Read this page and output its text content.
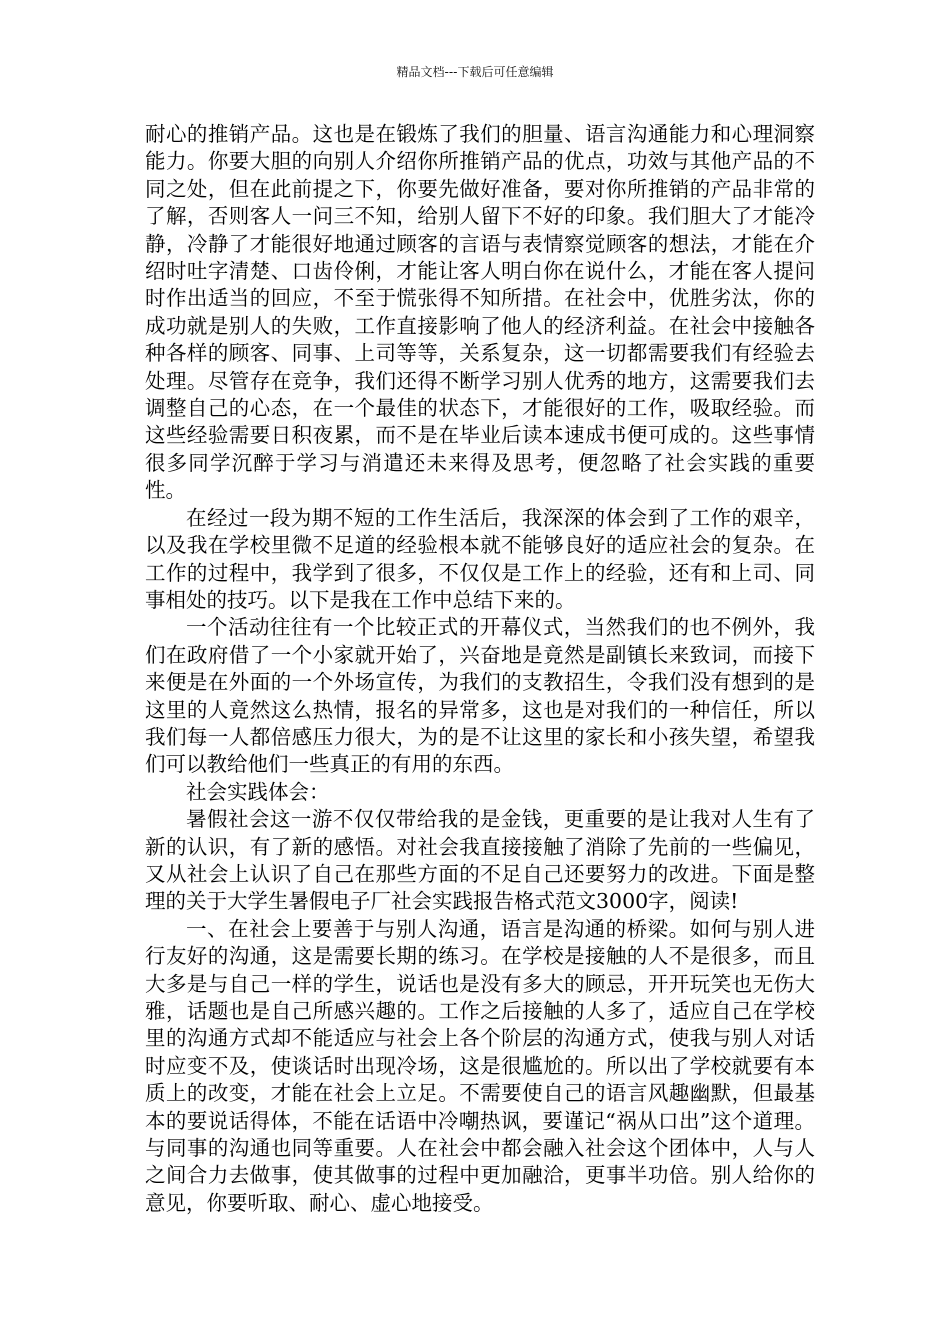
精品文档---下载后可任意编辑

耐心的推销产品。这也是在锻炼了我们的胆量、语言沟通能力和心理洞察能力。你要大胆的向别人介绍你所推销产品的优点，功效与其他产品的不同之处，但在此前提之下，你要先做好准备，要对你所推销的产品非常的了解，否则客人一问三不知，给别人留下不好的印象。我们胆大了才能冷静，冷静了才能很好地通过顾客的言语与表情察觉顾客的想法，才能在介绍时吐字清楚、口齿伶俐，才能让客人明白你在说什么，才能在客人提问时作出适当的回应，不至于慌张得不知所措。在社会中，优胜劣汰，你的成功就是别人的失败，工作直接影响了他人的经济利益。在社会中接触各种各样的顾客、同事、上司等等，关系复杂，这一切都需要我们有经验去处理。尽管存在竞争，我们还得不断学习别人优秀的地方，这需要我们去调整自己的心态，在一个最佳的状态下，才能很好的工作，吸取经验。而这些经验需要日积夜累，而不是在毕业后读本速成书便可成的。这些事情很多同学沉醉于学习与消遣还未来得及思考，便忽略了社会实践的重要性。

在经过一段为期不短的工作生活后，我深深的体会到了工作的艰辛，以及我在学校里微不足道的经验根本就不能够良好的适应社会的复杂。在工作的过程中，我学到了很多，不仅仅是工作上的经验，还有和上司、同事相处的技巧。以下是我在工作中总结下来的。

一个活动往往有一个比较正式的开幕仪式，当然我们的也不例外，我们在政府借了一个小家就开始了，兴奋地是竟然是副镇长来致词，而接下来便是在外面的一个外场宣传，为我们的支教招生，令我们没有想到的是这里的人竟然这么热情，报名的异常多，这也是对我们的一种信任，所以我们每一人都倍感压力很大，为的是不让这里的家长和小孩失望，希望我们可以教给他们一些真正的有用的东西。

社会实践体会：

暑假社会这一游不仅仅带给我的是金钱，更重要的是让我对人生有了新的认识，有了新的感悟。对社会我直接接触了消除了先前的一些偏见，又从社会上认识了自己在那些方面的不足自己还要努力的改进。下面是整理的关于大学生暑假电子厂社会实践报告格式范文3000字，阅读!

一、在社会上要善于与别人沟通，语言是沟通的桥梁。如何与别人进行友好的沟通，这是需要长期的练习。在学校是接触的人不是很多，而且大多是与自己一样的学生，说话也是没有多大的顾忌，开开玩笑也无伤大雅，话题也是自己所感兴趣的。工作之后接触的人多了，适应自己在学校里的沟通方式却不能适应与社会上各个阶层的沟通方式，使我与别人对话时应变不及，使谈话时出现冷场，这是很尴尬的。所以出了学校就要有本质上的改变，才能在社会上立足。不需要使自己的语言风趣幽默，但最基本的要说话得体，不能在话语中冷嘲热讽，要谨记“祸从口出”这个道理。与同事的沟通也同等重要。人在社会中都会融入社会这个团体中，人与人之间合力去做事，使其做事的过程中更加融洽，更事半功倍。别人给你的意见，你要听取、耐心、虚心地接受。
